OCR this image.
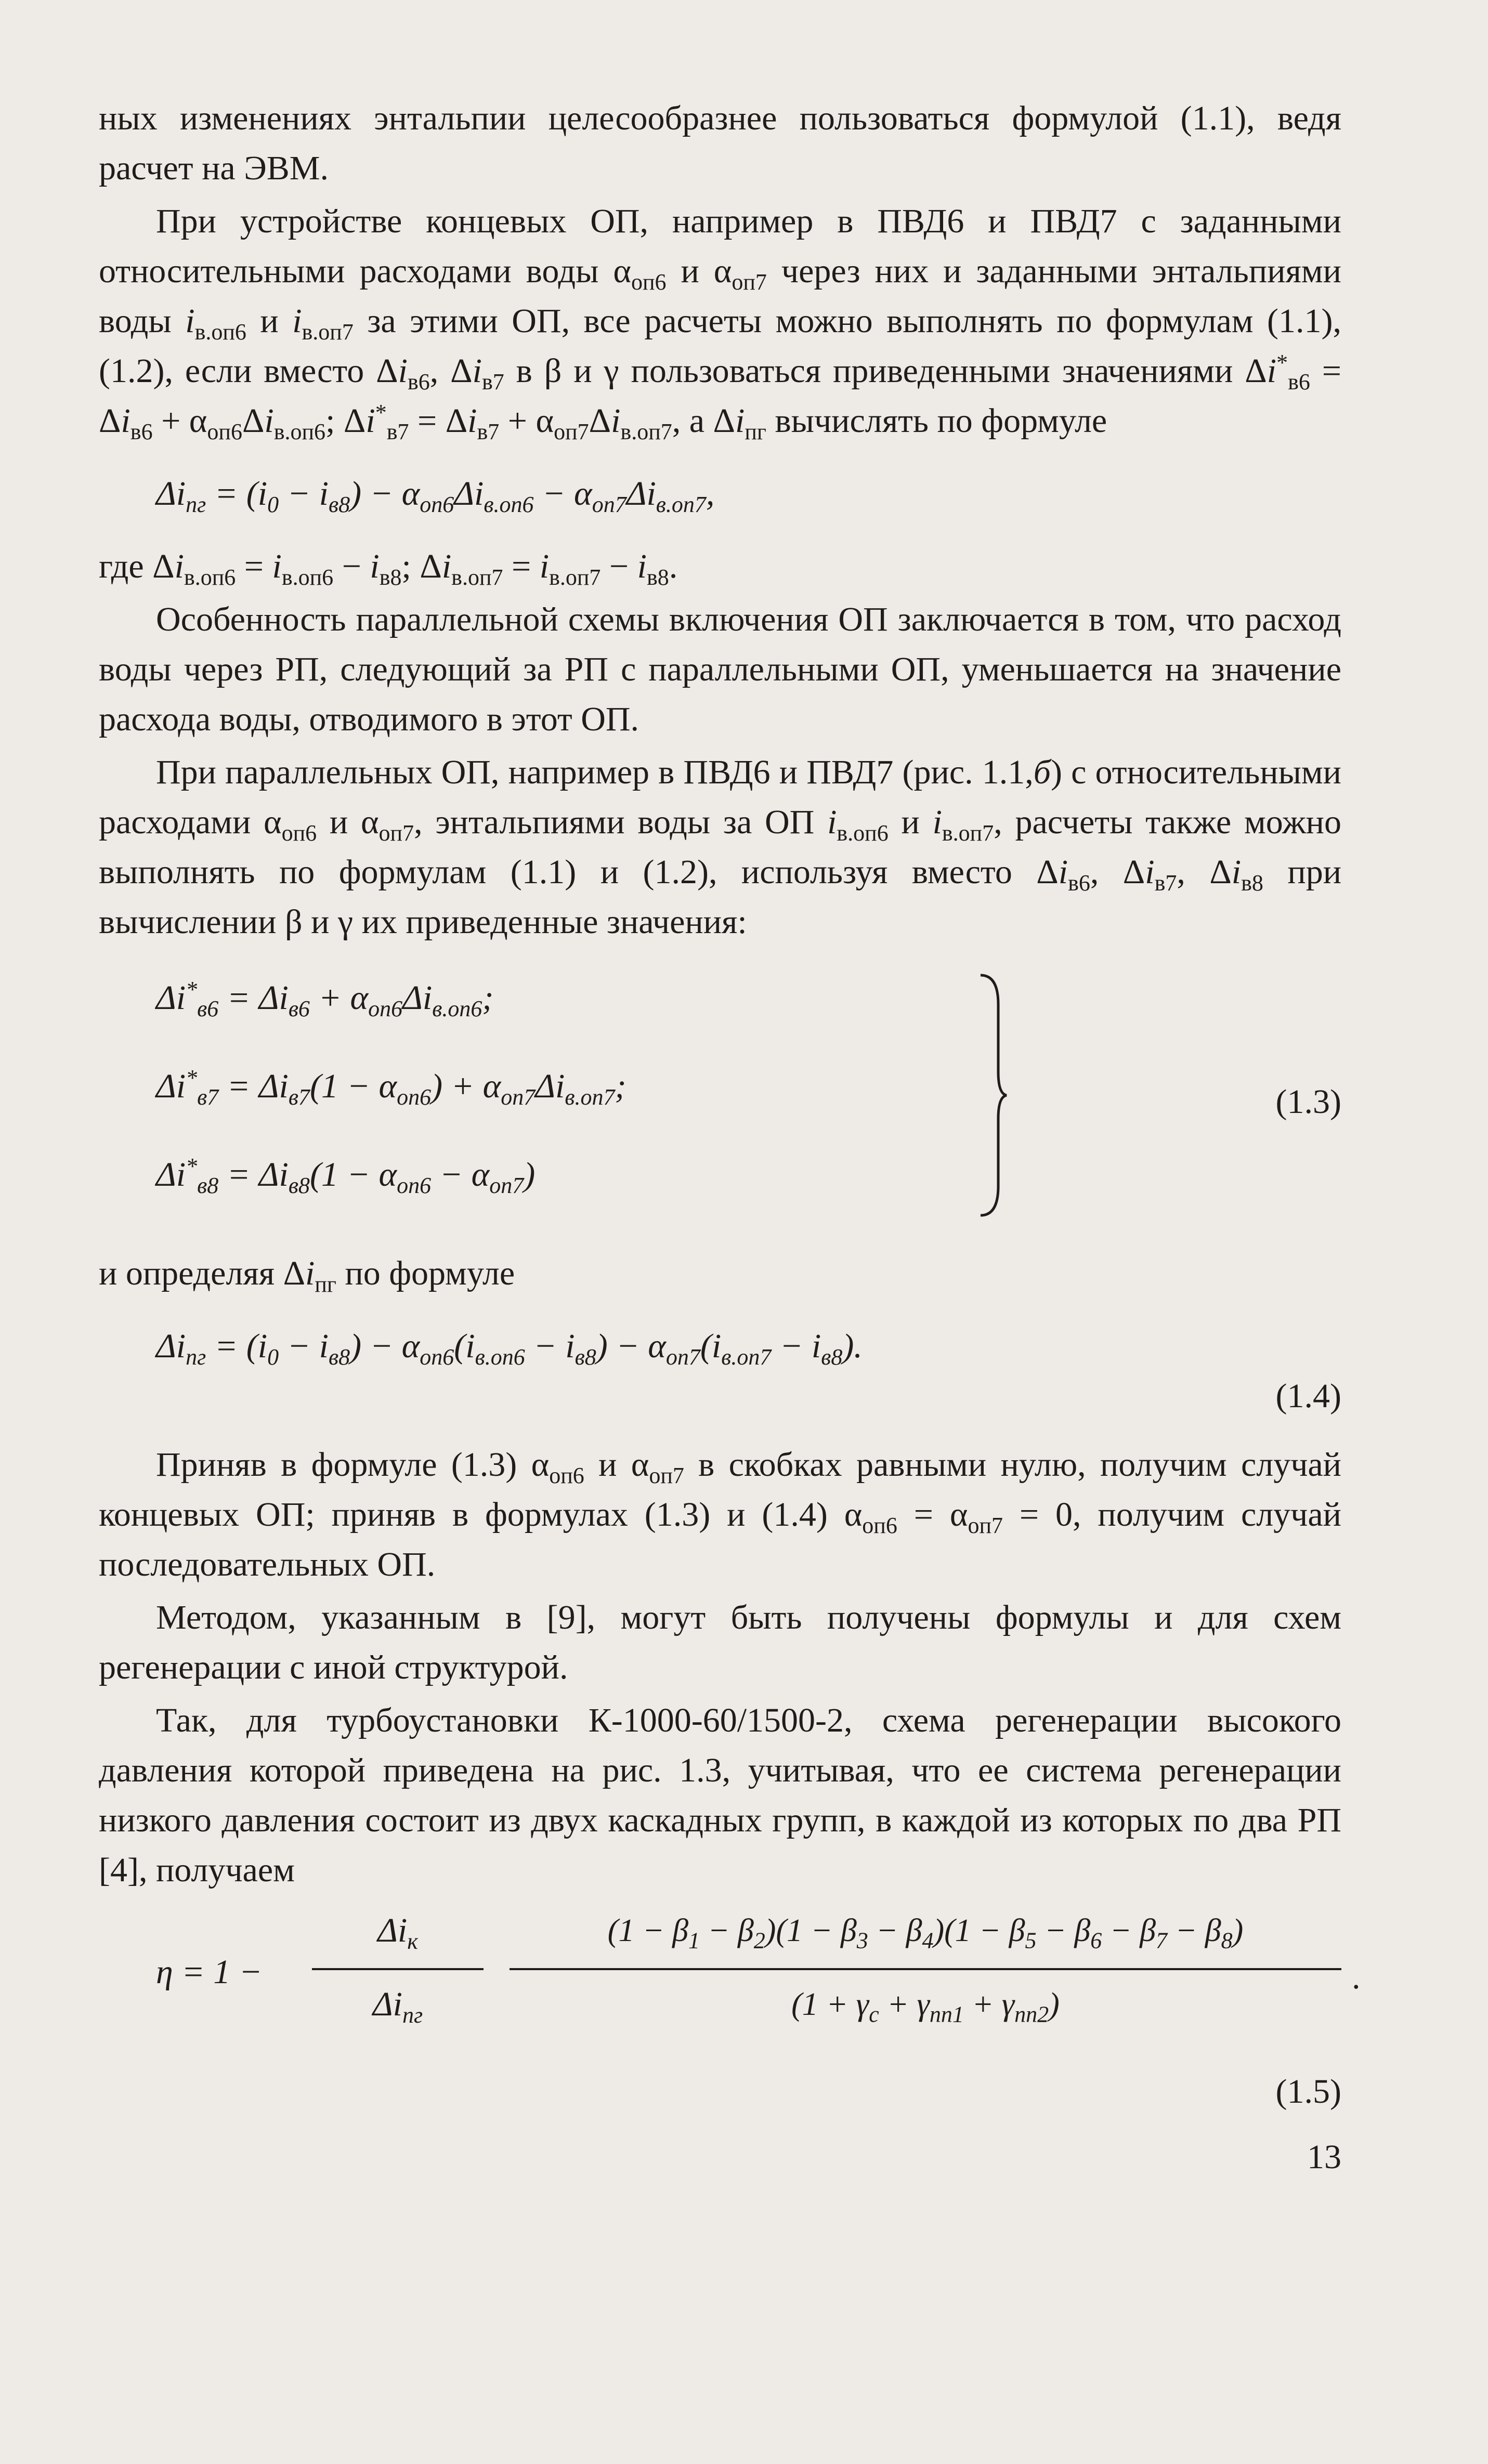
ных изменениях энтальпии целесообразнее пользоваться формулой (1.1), ведя расчет на ЭВМ.

При устройстве концевых ОП, например в ПВД6 и ПВД7 с заданными относительными расходами воды $\alpha_{оп6}$ и $\alpha_{оп7}$ через них и заданными энтальпиями воды $i_{в.оп6}$ и $i_{в.оп7}$ за этими ОП, все расчеты можно выполнять по формулам (1.1), (1.2), если вместо $\Delta i_{в6}$, $\Delta i_{в7}$ в β и γ пользоваться приведенными значениями $\Delta i^*_{в6} = \Delta i_{в6} + \alpha_{оп6}\Delta i_{в.оп6}$; $\Delta i^*_{в7} = \Delta i_{в7} + \alpha_{оп7}\Delta i_{в.оп7}$, а $\Delta i_{пг}$ вычислять по формуле

$\Delta i_{пг} = (i_0 - i_{в8}) - \alpha_{оп6}\Delta i_{в.оп6} - \alpha_{оп7}\Delta i_{в.оп7}$,

где $\Delta i_{в.оп6} = i_{в.оп6} - i_{в8}$; $\Delta i_{в.оп7} = i_{в.оп7} - i_{в8}$.

Особенность параллельной схемы включения ОП заключается в том, что расход воды через РП, следующий за РП с параллельными ОП, уменьшается на значение расхода воды, отводимого в этот ОП.

При параллельных ОП, например в ПВД6 и ПВД7 (рис. 1.1,б) с относительными расходами $\alpha_{оп6}$ и $\alpha_{оп7}$, энтальпиями воды за ОП $i_{в.оп6}$ и $i_{в.оп7}$, расчеты также можно выполнять по формулам (1.1) и (1.2), используя вместо $\Delta i_{в6}$, $\Delta i_{в7}$, $\Delta i_{в8}$ при вычислении β и γ их приведенные значения:

$\Delta i^*_{в6} = \Delta i_{в6} + \alpha_{оп6}\Delta i_{в.оп6}$;
$\Delta i^*_{в7} = \Delta i_{в7}(1 - \alpha_{оп6}) + \alpha_{оп7}\Delta i_{в.оп7}$;
$\Delta i^*_{в8} = \Delta i_{в8}(1 - \alpha_{оп6} - \alpha_{оп7})$
(1.3)

и определяя $\Delta i_{пг}$ по формуле

$\Delta i_{пг} = (i_0 - i_{в8}) - \alpha_{оп6}(i_{в.оп6} - i_{в8}) - \alpha_{оп7}(i_{в.оп7} - i_{в8})$.
(1.4)

Приняв в формуле (1.3) $\alpha_{оп6}$ и $\alpha_{оп7}$ в скобках равными нулю, получим случай концевых ОП; приняв в формулах (1.3) и (1.4) $\alpha_{оп6} = \alpha_{оп7} = 0$, получим случай последовательных ОП.

Методом, указанным в [9], могут быть получены формулы и для схем регенерации с иной структурой.

Так, для турбоустановки К-1000-60/1500-2, схема регенерации высокого давления которой приведена на рис. 1.3, учитывая, что ее система регенерации низкого давления состоит из двух каскадных групп, в каждой из которых по два РП [4], получаем

η = 1 −
$\Delta i_к$
$\Delta i_{пг}$
$(1 - \beta_1 - \beta_2)(1 - \beta_3 - \beta_4)(1 - \beta_5 - \beta_6 - \beta_7 - \beta_8)$
$(1 + \gamma_с + \gamma_{пп1} + \gamma_{пп2})$
.
(1.5)
13
